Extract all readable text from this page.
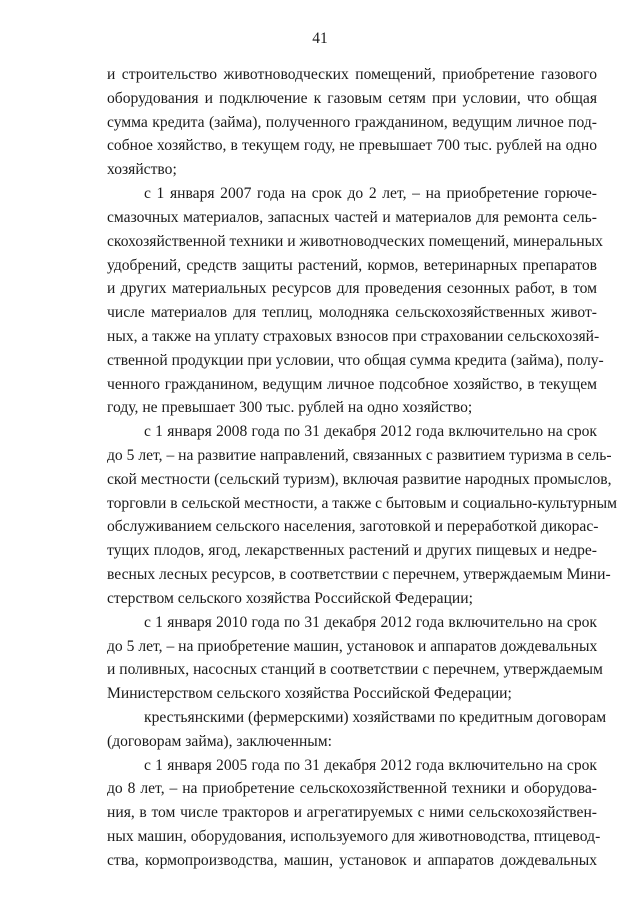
41
и строительство животноводческих помещений, приобретение газового
оборудования и подключение к газовым сетям при условии, что общая
сумма кредита (займа), полученного гражданином, ведущим личное под-
собное хозяйство, в текущем году, не превышает 700 тыс. рублей на одно
хозяйство;
с 1 января 2007 года на срок до 2 лет, – на приобретение горюче-
смазочных материалов, запасных частей и материалов для ремонта сель-
скохозяйственной техники и животноводческих помещений, минеральных
удобрений, средств защиты растений, кормов, ветеринарных препаратов
и других материальных ресурсов для проведения сезонных работ, в том
числе материалов для теплиц, молодняка сельскохозяйственных живот-
ных, а также на уплату страховых взносов при страховании сельскохозяй-
ственной продукции при условии, что общая сумма кредита (займа), полу-
ченного гражданином, ведущим личное подсобное хозяйство, в текущем
году, не превышает 300 тыс. рублей на одно хозяйство;
с 1 января 2008 года по 31 декабря 2012 года включительно на срок
до 5 лет, – на развитие направлений, связанных с развитием туризма в сель-
ской местности (сельский туризм), включая развитие народных промыслов,
торговли в сельской местности, а также с бытовым и социально-культурным
обслуживанием сельского населения, заготовкой и переработкой дикорас-
тущих плодов, ягод, лекарственных растений и других пищевых и недре-
весных лесных ресурсов, в соответствии с перечнем, утверждаемым Мини-
стерством сельского хозяйства Российской Федерации;
с 1 января 2010 года по 31 декабря 2012 года включительно на срок
до 5 лет, – на приобретение машин, установок и аппаратов дождевальных
и поливных, насосных станций в соответствии с перечнем, утверждаемым
Министерством сельского хозяйства Российской Федерации;
крестьянскими (фермерскими) хозяйствами по кредитным договорам
(договорам займа), заключенным:
с 1 января 2005 года по 31 декабря 2012 года включительно на срок
до 8 лет, – на приобретение сельскохозяйственной техники и оборудова-
ния, в том числе тракторов и агрегатируемых с ними сельскохозяйствен-
ных машин, оборудования, используемого для животноводства, птицевод-
ства, кормопроизводства, машин, установок и аппаратов дождевальных
